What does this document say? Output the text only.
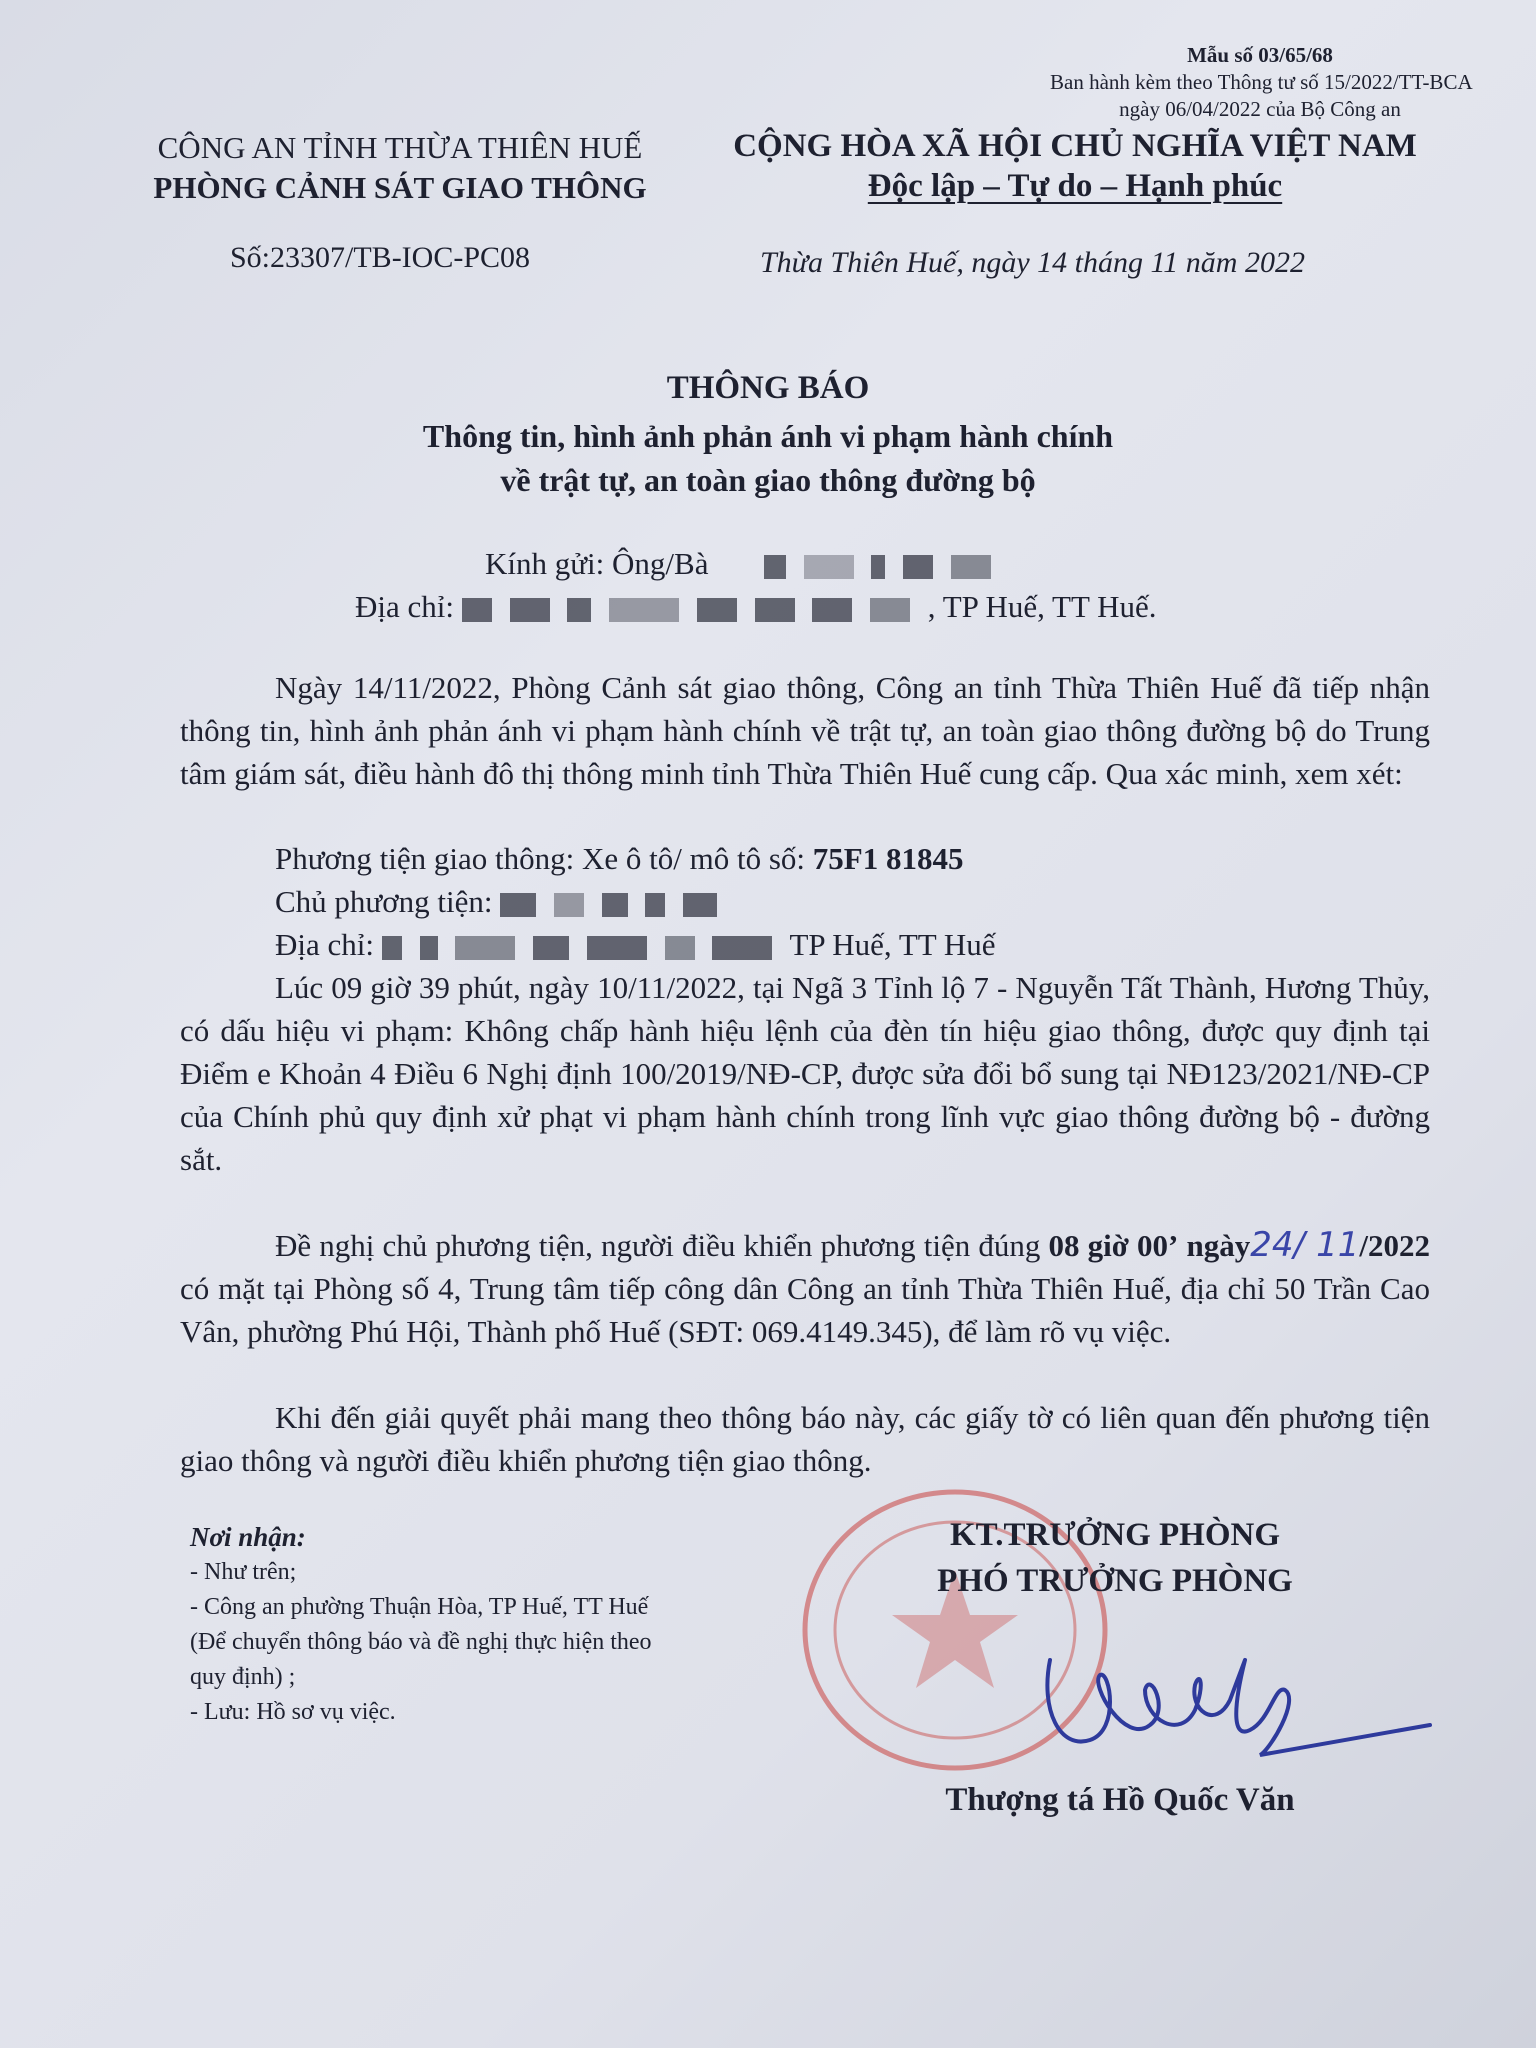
Mẫu số 03/65/68
Ban hành kèm theo Thông tư số 15/2022/TT-BCA
ngày 06/04/2022 của Bộ Công an
CÔNG AN TỈNH THỪA THIÊN HUẾ
PHÒNG CẢNH SÁT GIAO THÔNG
Số:23307/TB-IOC-PC08
CỘNG HÒA XÃ HỘI CHỦ NGHĨA VIỆT NAM
Độc lập – Tự do – Hạnh phúc
Thừa Thiên Huế, ngày 14 tháng 11 năm 2022
THÔNG BÁO
Thông tin, hình ảnh phản ánh vi phạm hành chính
về trật tự, an toàn giao thông đường bộ
Kính gửi: Ông/Bà
Địa chỉ:	, TP Huế, TT Huế.
Ngày 14/11/2022, Phòng Cảnh sát giao thông, Công an tỉnh Thừa Thiên Huế đã tiếp nhận thông tin, hình ảnh phản ánh vi phạm hành chính về trật tự, an toàn giao thông đường bộ do Trung tâm giám sát, điều hành đô thị thông minh tỉnh Thừa Thiên Huế cung cấp. Qua xác minh, xem xét:
Phương tiện giao thông: Xe ô tô/ mô tô số: 75F1 81845
Chủ phương tiện:
Địa chỉ:	TP Huế, TT Huế
Lúc 09 giờ 39 phút, ngày 10/11/2022, tại Ngã 3 Tỉnh lộ 7 - Nguyễn Tất Thành, Hương Thủy, có dấu hiệu vi phạm: Không chấp hành hiệu lệnh của đèn tín hiệu giao thông, được quy định tại Điểm e Khoản 4 Điều 6 Nghị định 100/2019/NĐ-CP, được sửa đổi bổ sung tại NĐ123/2021/NĐ-CP của Chính phủ quy định xử phạt vi phạm hành chính trong lĩnh vực giao thông đường bộ - đường sắt.
Đề nghị chủ phương tiện, người điều khiển phương tiện đúng 08 giờ 00’ ngày24/ 11/2022 có mặt tại Phòng số 4, Trung tâm tiếp công dân Công an tỉnh Thừa Thiên Huế, địa chỉ 50 Trần Cao Vân, phường Phú Hội, Thành phố Huế (SĐT: 069.4149.345), để làm rõ vụ việc.
Khi đến giải quyết phải mang theo thông báo này, các giấy tờ có liên quan đến phương tiện giao thông và người điều khiển phương tiện giao thông.
Nơi nhận:
- Như trên;
- Công an phường Thuận Hòa, TP Huế, TT Huế
(Để chuyển thông báo và đề nghị thực hiện theo
quy định) ;
- Lưu: Hồ sơ vụ việc.
KT.TRƯỞNG PHÒNG
PHÓ TRƯỞNG PHÒNG
Thượng tá Hồ Quốc Văn
